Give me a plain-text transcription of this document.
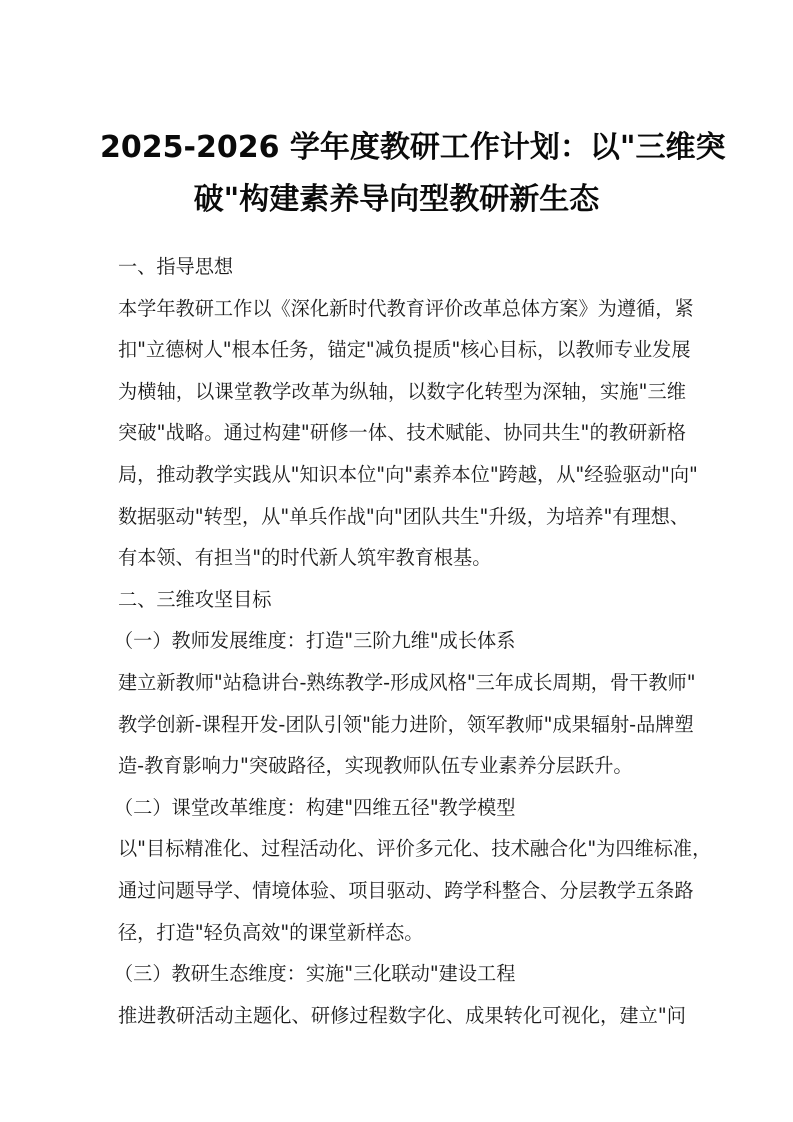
2025-2026 学年度教研工作计划：以"三维突
破"构建素养导向型教研新生态
一、指导思想
本学年教研工作以《深化新时代教育评价改革总体方案》为遵循，紧
扣"立德树人"根本任务，锚定"减负提质"核心目标，以教师专业发展
为横轴，以课堂教学改革为纵轴，以数字化转型为深轴，实施"三维
突破"战略。通过构建"研修一体、技术赋能、协同共生"的教研新格
局，推动教学实践从"知识本位"向"素养本位"跨越，从"经验驱动"向"
数据驱动"转型，从"单兵作战"向"团队共生"升级，为培养"有理想、
有本领、有担当"的时代新人筑牢教育根基。
二、三维攻坚目标
（一）教师发展维度：打造"三阶九维"成长体系
建立新教师"站稳讲台-熟练教学-形成风格"三年成长周期，骨干教师"
教学创新-课程开发-团队引领"能力进阶，领军教师"成果辐射-品牌塑
造-教育影响力"突破路径，实现教师队伍专业素养分层跃升。
（二）课堂改革维度：构建"四维五径"教学模型
以"目标精准化、过程活动化、评价多元化、技术融合化"为四维标准，
通过问题导学、情境体验、项目驱动、跨学科整合、分层教学五条路
径，打造"轻负高效"的课堂新样态。
（三）教研生态维度：实施"三化联动"建设工程
推进教研活动主题化、研修过程数字化、成果转化可视化，建立"问
